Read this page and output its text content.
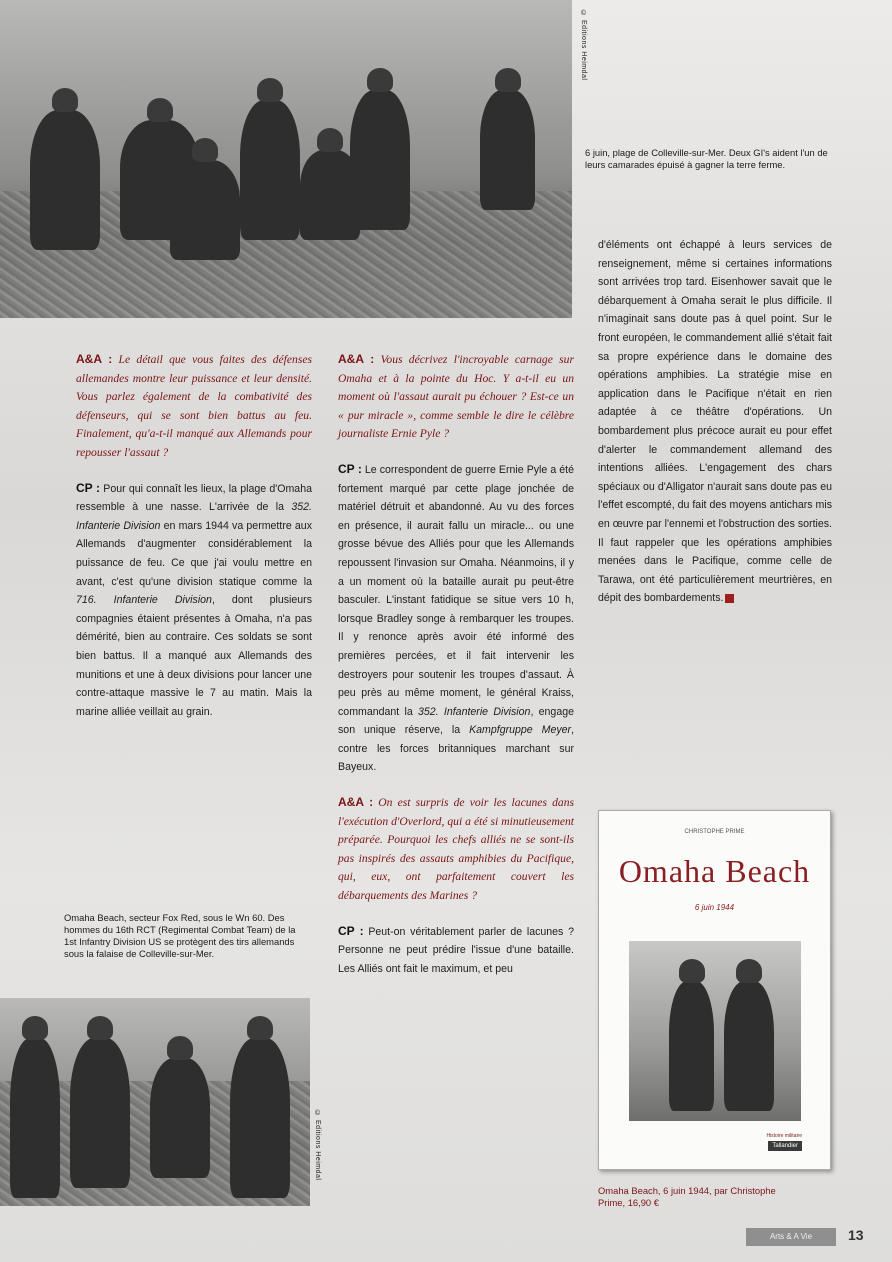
© Editions Heimdal
6 juin, plage de Colleville-sur-Mer. Deux GI's aident l'un de leurs camarades épuisé à gagner la terre ferme.

A&A : Le détail que vous faites des défenses allemandes montre leur puissance et leur densité. Vous parlez également de la combativité des défenseurs, qui se sont bien battus au feu. Finalement, qu'a-t-il manqué aux Allemands pour repousser l'assaut ?

CP : Pour qui connaît les lieux, la plage d'Omaha ressemble à une nasse. L'arrivée de la 352. Infanterie Division en mars 1944 va permettre aux Allemands d'augmenter considérablement la puissance de feu. Ce que j'ai voulu mettre en avant, c'est qu'une division statique comme la 716. Infanterie Division, dont plusieurs compagnies étaient présentes à Omaha, n'a pas démérité, bien au contraire. Ces soldats se sont bien battus. Il a manqué aux Allemands des munitions et une à deux divisions pour lancer une contre-attaque massive le 7 au matin. Mais la marine alliée veillait au grain.

Omaha Beach, secteur Fox Red, sous le Wn 60. Des hommes du 16th RCT (Regimental Combat Team) de la 1st Infantry Division US se protègent des tirs allemands sous la falaise de Colleville-sur-Mer.
© Editions Heimdal

A&A : Vous décrivez l'incroyable carnage sur Omaha et à la pointe du Hoc. Y a-t-il eu un moment où l'assaut aurait pu échouer ? Est-ce un « pur miracle », comme semble le dire le célèbre journaliste Ernie Pyle ?

CP : Le correspondent de guerre Ernie Pyle a été fortement marqué par cette plage jonchée de matériel détruit et abandonné. Au vu des forces en présence, il aurait fallu un miracle... ou une grosse bévue des Alliés pour que les Allemands repoussent l'invasion sur Omaha. Néanmoins, il y a un moment où la bataille aurait pu peut-être basculer. L'instant fatidique se situe vers 10 h, lorsque Bradley songe à rembarquer les troupes. Il y renonce après avoir été informé des premières percées, et il fait intervenir les destroyers pour soutenir les troupes d'assaut. À peu près au même moment, le général Kraiss, commandant la 352. Infanterie Division, engage son unique réserve, la Kampfgruppe Meyer, contre les forces britanniques marchant sur Bayeux.

A&A : On est surpris de voir les lacunes dans l'exécution d'Overlord, qui a été si minutieusement préparée. Pourquoi les chefs alliés ne se sont-ils pas inspirés des assauts amphibies du Pacifique, qui, eux, ont parfaitement couvert les débarquements des Marines ?

CP : Peut-on véritablement parler de lacunes ? Personne ne peut prédire l'issue d'une bataille. Les Alliés ont fait le maximum, et peu

d'éléments ont échappé à leurs services de renseignement, même si certaines informations sont arrivées trop tard. Eisenhower savait que le débarquement à Omaha serait le plus difficile. Il n'imaginait sans doute pas à quel point. Sur le front européen, le commandement allié s'était fait sa propre expérience dans le domaine des opérations amphibies. La stratégie mise en application dans le Pacifique n'était en rien adaptée à ce théâtre d'opérations. Un bombardement plus précoce aurait eu pour effet d'alerter le commandement allemand des intentions alliées. L'engagement des chars spéciaux ou d'Alligator n'aurait sans doute pas eu l'effet escompté, du fait des moyens antichars mis en œuvre par l'ennemi et l'obstruction des sorties. Il faut rappeler que les opérations amphibies menées dans le Pacifique, comme celle de Tarawa, ont été particulièrement meurtrières, en dépit des bombardements.

CHRISTOPHE PRIME
Omaha Beach
6 juin 1944
Histoire militaire
Tallandier
Omaha Beach, 6 juin 1944, par Christophe Prime, 16,90 €
Arts & A Vie	13
